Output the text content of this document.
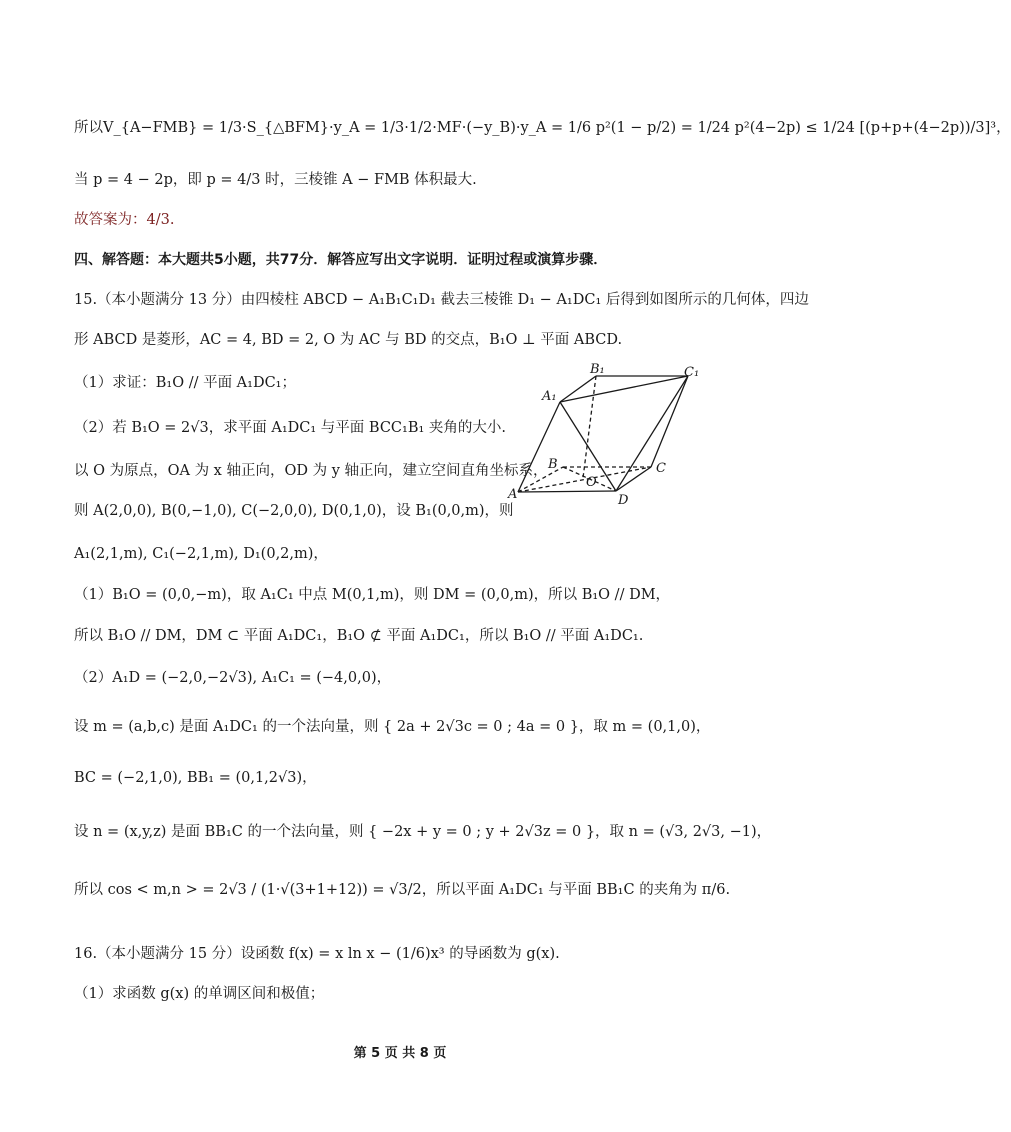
所以V_{A−FMB} = 1/3·S_{△BFM}·y_A = 1/3·1/2·MF·(−y_B)·y_A = 1/6 p²(1 − p/2) = 1/24 p²(4−2p) ≤ 1/24 [(p+p+(4−2p))/3]³，
当 p = 4 − 2p，即 p = 4/3 时，三棱锥 A − FMB 体积最大.
故答案为：4/3.
四、解答题：本大题共5小题，共77分．解答应写出文字说明．证明过程或演算步骤．
15.（本小题满分 13 分）由四棱柱 ABCD − A₁B₁C₁D₁ 截去三棱锥 D₁ − A₁DC₁ 后得到如图所示的几何体，四边
形 ABCD 是菱形，AC = 4, BD = 2, O 为 AC 与 BD 的交点，B₁O ⊥ 平面 ABCD.
（1）求证：B₁O // 平面 A₁DC₁；
（2）若 B₁O = 2√3，求平面 A₁DC₁ 与平面 BCC₁B₁ 夹角的大小.
以 O 为原点，OA 为 x 轴正向，OD 为 y 轴正向，建立空间直角坐标系，
则 A(2,0,0), B(0,−1,0), C(−2,0,0), D(0,1,0)，设 B₁(0,0,m)，则
A₁(2,1,m), C₁(−2,1,m), D₁(0,2,m)，
（1）B₁O = (0,0,−m)，取 A₁C₁ 中点 M(0,1,m)，则 DM = (0,0,m)，所以 B₁O // DM，
所以 B₁O // DM，DM ⊂ 平面 A₁DC₁，B₁O ⊄ 平面 A₁DC₁，所以 B₁O // 平面 A₁DC₁.
（2）A₁D = (−2,0,−2√3), A₁C₁ = (−4,0,0)，
设 m = (a,b,c) 是面 A₁DC₁ 的一个法向量，则 { 2a + 2√3c = 0 ; 4a = 0 }，取 m = (0,1,0)，
BC = (−2,1,0), BB₁ = (0,1,2√3)，
设 n = (x,y,z) 是面 BB₁C 的一个法向量，则 { −2x + y = 0 ; y + 2√3z = 0 }，取 n = (√3, 2√3, −1)，
所以 cos < m,n > = 2√3 / (1·√(3+1+12)) = √3/2，所以平面 A₁DC₁ 与平面 BB₁C 的夹角为 π/6.
16.（本小题满分 15 分）设函数 f(x) = x ln x − (1/6)x³ 的导函数为 g(x).
（1）求函数 g(x) 的单调区间和极值；
B₁	C₁
A₁
B	C
A	D
O
第 5 页 共 8 页
